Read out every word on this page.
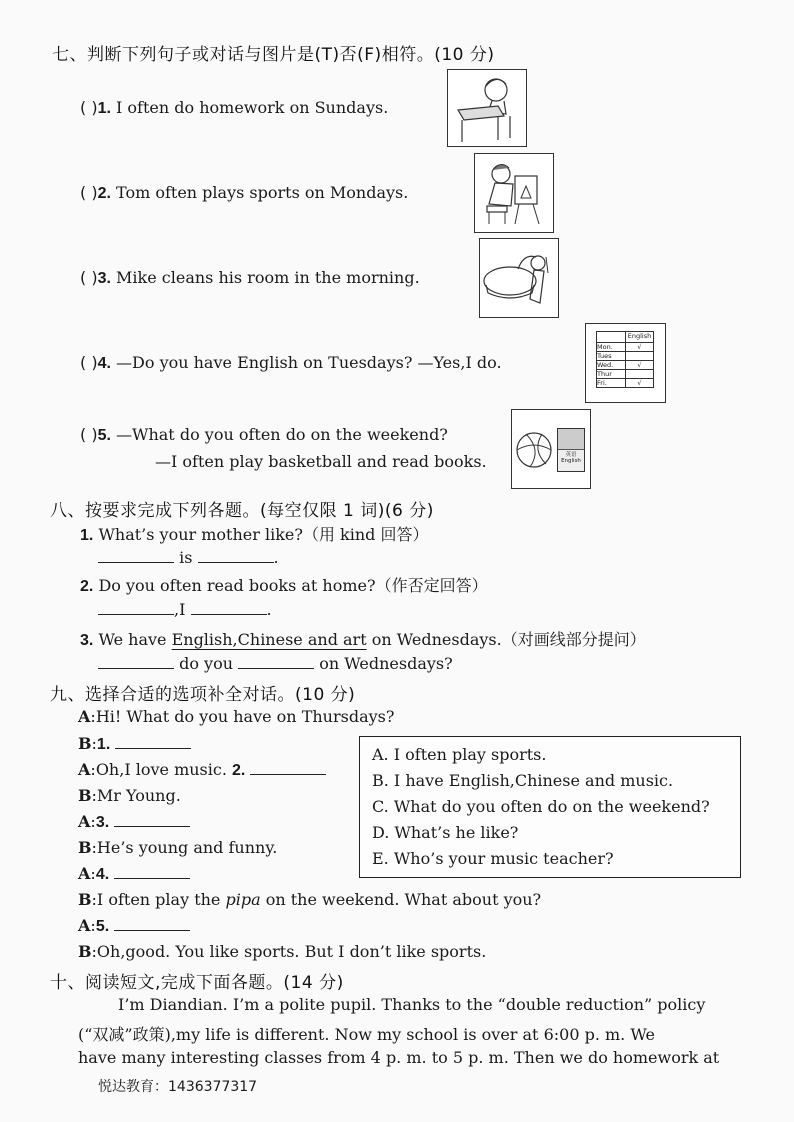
七、判断下列句子或对话与图片是(T)否(F)相符。(10 分)
( )1. I often do homework on Sundays.
( )2. Tom often plays sports on Mondays.
( )3. Mike cleans his room in the morning.
( )4. —Do you have English on Tuesdays? —Yes,I do.
English
Mon.	√
Tues
Wed.	√
Thur
Fri.	√
( )5. —What do you often do on the weekend?
—I often play basketball and read books.	英语
English
八、按要求完成下列各题。(每空仅限 1 词)(6 分)
1. What’s your mother like?（用 kind 回答）
is	.
2. Do you often read books at home?（作否定回答）
,I	.
3. We have English,Chinese and art on Wednesdays.（对画线部分提问）
do you	on Wednesdays?
九、选择合适的选项补全对话。(10 分)
A:Hi! What do you have on Thursdays?
B:1.
A:Oh,I love music. 2.
B:Mr Young.
A:3.
B:He’s young and funny.
A:4.
B:I often play the pipa on the weekend. What about you?
A:5.
B:Oh,good. You like sports. But I don’t like sports.
A. I often play sports.
B. I have English,Chinese and music.
C. What do you often do on the weekend?
D. What’s he like?
E. Who’s your music teacher?
十、阅读短文,完成下面各题。(14 分)
I’m Diandian. I’m a polite pupil. Thanks to the “double reduction” policy
(“双减”政策),my life is different. Now my school is over at 6:00 p. m. We
have many interesting classes from 4 p. m. to 5 p. m. Then we do homework at
悦达教育：1436377317
